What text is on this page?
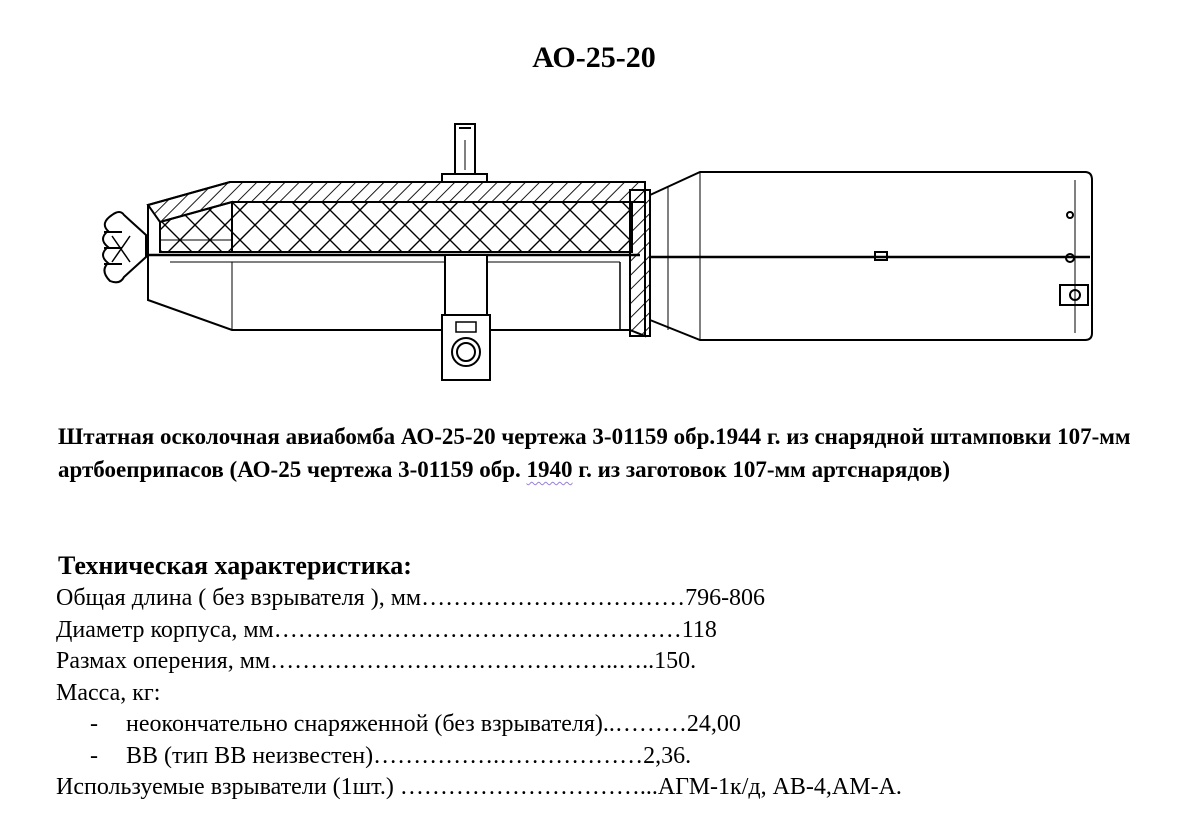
АО-25-20
Штатная осколочная авиабомба АО-25-20 чертежа 3-01159 обр.1944 г. из снарядной штамповки 107-мм артбоеприпасов (АО-25 чертежа 3-01159 обр. 1940 г. из заготовок 107-мм артснарядов)
Техническая характеристика:
Общая длина ( без взрывателя ), мм……………………………796-806
Диаметр корпуса, мм……………………………………………118
Размах оперения, мм……………………………………..…..150.
Масса, кг:
- неокончательно снаряженной (без взрывателя)..………24,00
- ВВ (тип ВВ неизвестен)…………….………………2,36.
Используемые взрыватели (1шт.) …………………………...АГМ-1к/д, АВ-4,АМ-А.
